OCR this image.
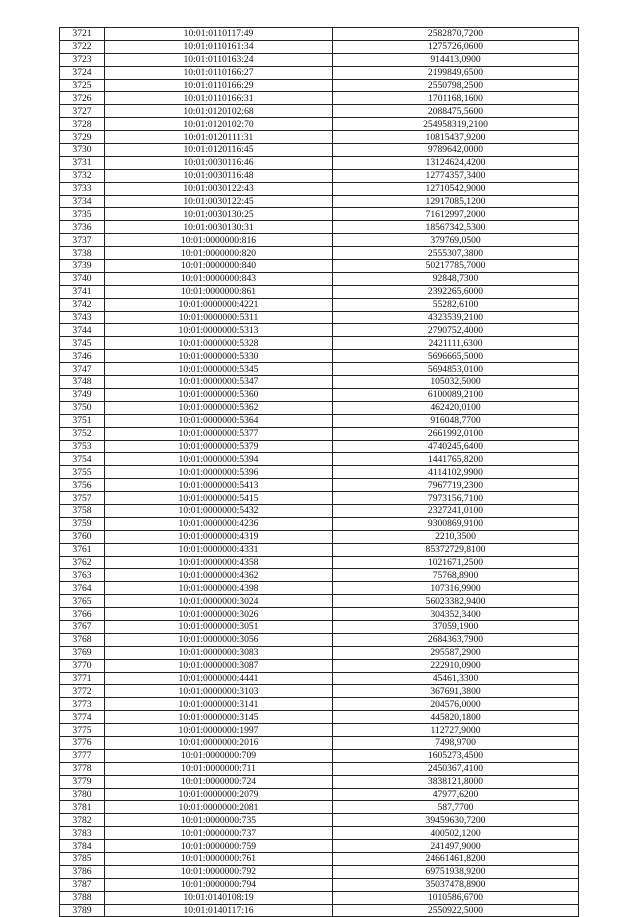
3721	10:01:0110117:49	2582870,7200
3722	10:01:0110161:34	1275726,0600
3723	10:01:0110163:24	914413,0900
3724	10:01:0110166:27	2199849,6500
3725	10:01:0110166:29	2550798,2500
3726	10:01:0110166:31	1701168,1600
3727	10:01:0120102:68	2088475,5600
3728	10:01:0120102:70	254958319,2100
3729	10:01:0120111:31	10815437,9200
3730	10:01:0120116:45	9789642,0000
3731	10:01:0030116:46	13124624,4200
3732	10:01:0030116:48	12774357,3400
3733	10:01:0030122:43	12710542,9000
3734	10:01:0030122:45	12917085,1200
3735	10:01:0030130:25	71612997,2000
3736	10:01:0030130:31	18567342,5300
3737	10:01:0000000:816	379769,0500
3738	10:01:0000000:820	2555307,3800
3739	10:01:0000000:840	50217785,7000
3740	10:01:0000000:843	92848,7300
3741	10:01:0000000:861	2392265,6000
3742	10:01:0000000:4221	55282,6100
3743	10:01:0000000:5311	4323539,2100
3744	10:01:0000000:5313	2790752,4000
3745	10:01:0000000:5328	2421111,6300
3746	10:01:0000000:5330	5696665,5000
3747	10:01:0000000:5345	5694853,0100
3748	10:01:0000000:5347	105032,5000
3749	10:01:0000000:5360	6100089,2100
3750	10:01:0000000:5362	462420,0100
3751	10:01:0000000:5364	916048,7700
3752	10:01:0000000:5377	2661992,0100
3753	10:01:0000000:5379	4740245,6400
3754	10:01:0000000:5394	1441765,8200
3755	10:01:0000000:5396	4114102,9900
3756	10:01:0000000:5413	7967719,2300
3757	10:01:0000000:5415	7973156,7100
3758	10:01:0000000:5432	2327241,0100
3759	10:01:0000000:4236	9300869,9100
3760	10:01:0000000:4319	2210,3500
3761	10:01:0000000:4331	85372729,8100
3762	10:01:0000000:4358	1021671,2500
3763	10:01:0000000:4362	75768,8900
3764	10:01:0000000:4398	107316,9900
3765	10:01:0000000:3024	56023382,9400
3766	10:01:0000000:3026	304352,3400
3767	10:01:0000000:3051	37059,1900
3768	10:01:0000000:3056	2684363,7900
3769	10:01:0000000:3083	295587,2900
3770	10:01:0000000:3087	222910,0900
3771	10:01:0000000:4441	45461,3300
3772	10:01:0000000:3103	367691,3800
3773	10:01:0000000:3141	204576,0000
3774	10:01:0000000:3145	445820,1800
3775	10:01:0000000:1997	112727,9000
3776	10:01:0000000:2016	7498,9700
3777	10:01:0000000:709	1605273,4500
3778	10:01:0000000:711	2450367,4100
3779	10:01:0000000:724	3838121,8000
3780	10:01:0000000:2079	47977,6200
3781	10:01:0000000:2081	587,7700
3782	10:01:0000000:735	39459630,7200
3783	10:01:0000000:737	400502,1200
3784	10:01:0000000:759	241497,9000
3785	10:01:0000000:761	24661461,8200
3786	10:01:0000000:792	69751938,9200
3787	10:01:0000000:794	35037478,8900
3788	10:01:0140108:19	1010586,6700
3789	10:01:0140117:16	2550922,5000
